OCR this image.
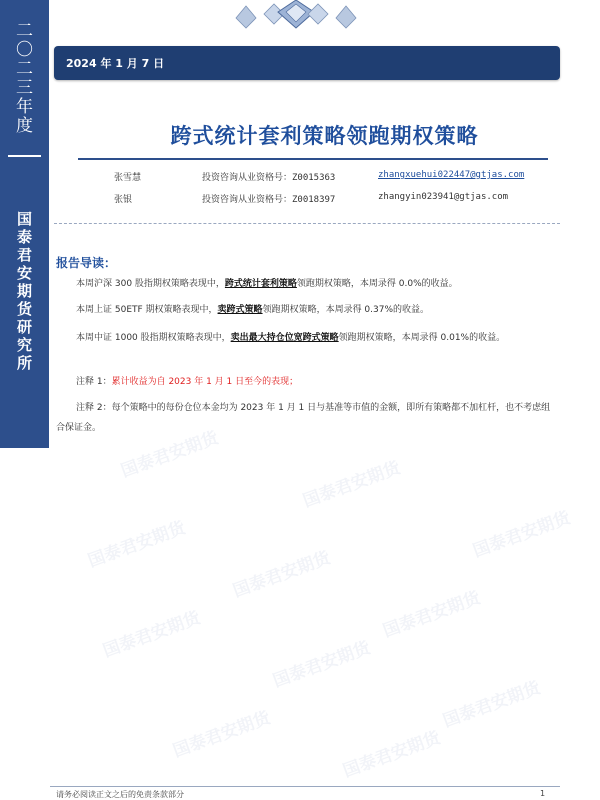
二
〇
二
三
年
度
国
泰
君
安
期
货
研
究
所
2024 年 1 月 7 日
国泰君安期货
国泰君安期货
国泰君安期货
国泰君安期货
国泰君安期货
国泰君安期货
国泰君安期货
国泰君安期货
国泰君安期货
国泰君安期货	国泰君安期货
跨式统计套利策略领跑期权策略
张雪慧	投资咨询从业资格号：Z0015363	zhangxuehui022447@gtjas.com
张银	投资咨询从业资格号：Z0018397	zhangyin023941@gtjas.com
报告导读：
本周沪深 300 股指期权策略表现中，跨式统计套利策略领跑期权策略，本周录得 0.0%的收益。
本周上证 50ETF 期权策略表现中，卖跨式策略领跑期权策略，本周录得 0.37%的收益。
本周中证 1000 股指期权策略表现中，卖出最大持仓位宽跨式策略领跑期权策略，本周录得 0.01%的收益。
注释 1：累计收益为自 2023 年 1 月 1 日至今的表现；
注释 2：每个策略中的每份仓位本金均为 2023 年 1 月 1 日与基准等市值的金额，即所有策略都不加杠杆，也不考虑组合保证金。
请务必阅读正文之后的免责条款部分	1
